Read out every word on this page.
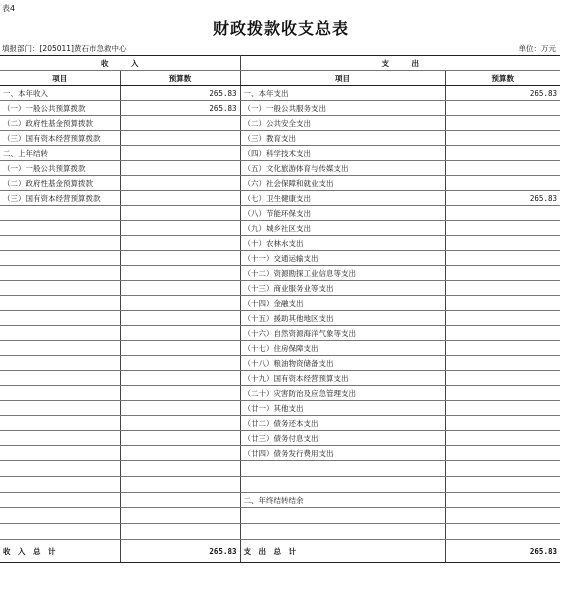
表4
财政拨款收支总表
填报部门：[205011]黄石市急救中心	单位：万元
收　　　入		支　　　出	
项目	预算数	项目	预算数
一、本年收入	265.83	一、本年支出	265.83
（一）一般公共预算拨款	265.83	（一）一般公共服务支出	
（二）政府性基金预算拨款		（二）公共安全支出	
（三）国有资本经营预算拨款		（三）教育支出	
二、上年结转		（四）科学技术支出	
（一）一般公共预算拨款		（五）文化旅游体育与传媒支出	
（二）政府性基金预算拨款		（六）社会保障和就业支出	
（三）国有资本经营预算拨款		（七）卫生健康支出	265.83
		（八）节能环保支出	
		（九）城乡社区支出	
		（十）农林水支出	
		（十一）交通运输支出	
		（十二）资源勘探工业信息等支出	
		（十三）商业服务业等支出	
		（十四）金融支出	
		（十五）援助其他地区支出	
		（十六）自然资源海洋气象等支出	
		（十七）住房保障支出	
		（十八）粮油物资储备支出	
		（十九）国有资本经营预算支出	
		（二十）灾害防治及应急管理支出	
		（廿一）其他支出	
		（廿二）债务还本支出	
		（廿三）债务付息支出	
		（廿四）债务发行费用支出	

		二、年终结转结余	

收　入　总　计	265.83	支　出　总　计	265.83
